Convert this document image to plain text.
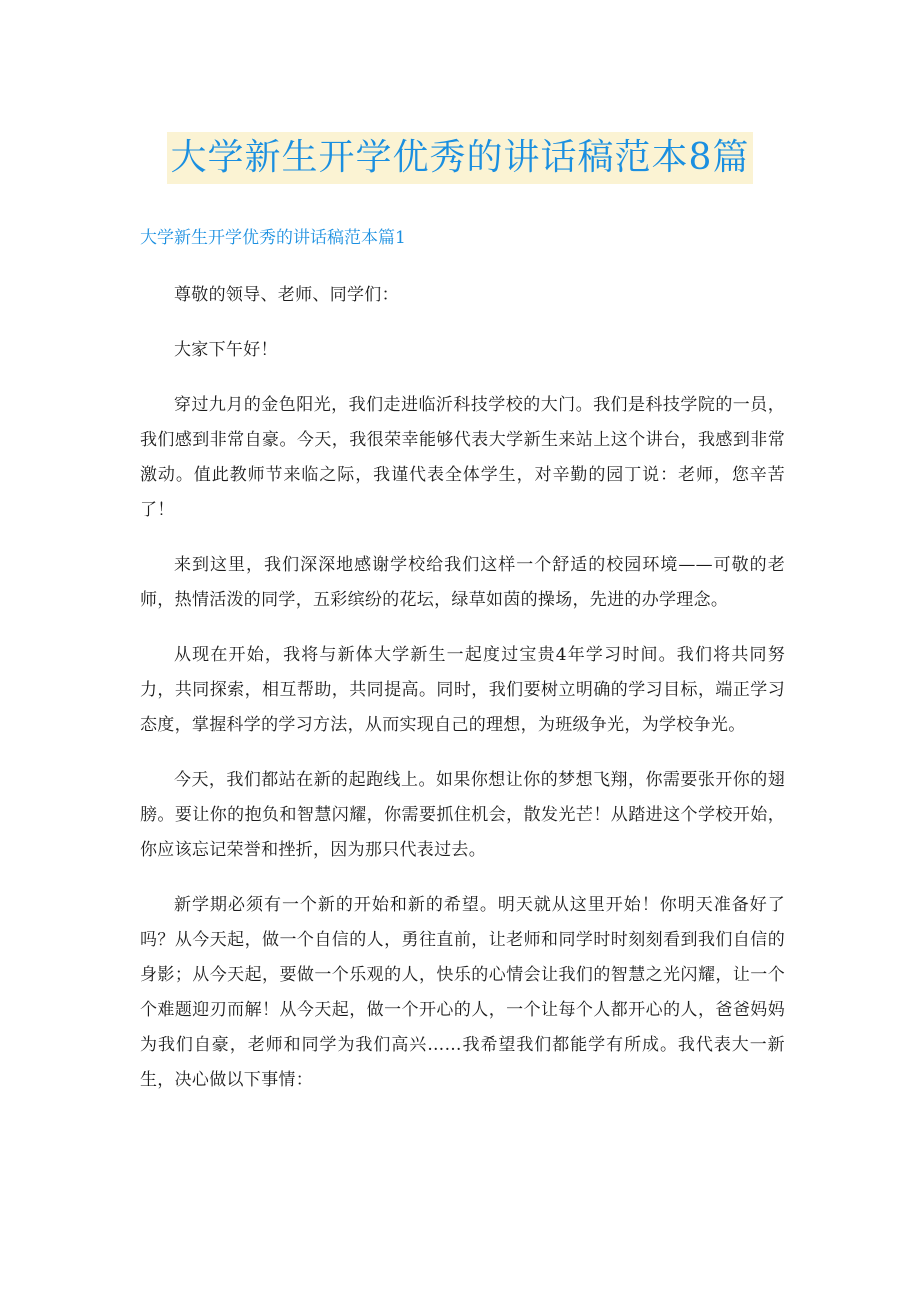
大学新生开学优秀的讲话稿范本8篇
大学新生开学优秀的讲话稿范本篇1

尊敬的领导、老师、同学们：

大家下午好！

穿过九月的金色阳光，我们走进临沂科技学校的大门。我们是科技学院的一员，我们感到非常自豪。今天，我很荣幸能够代表大学新生来站上这个讲台，我感到非常激动。值此教师节来临之际，我谨代表全体学生，对辛勤的园丁说：老师，您辛苦了！

来到这里，我们深深地感谢学校给我们这样一个舒适的校园环境——可敬的老师，热情活泼的同学，五彩缤纷的花坛，绿草如茵的操场，先进的办学理念。

从现在开始，我将与新体大学新生一起度过宝贵4年学习时间。我们将共同努力，共同探索，相互帮助，共同提高。同时，我们要树立明确的学习目标，端正学习态度，掌握科学的学习方法，从而实现自己的理想，为班级争光，为学校争光。

今天，我们都站在新的起跑线上。如果你想让你的梦想飞翔，你需要张开你的翅膀。要让你的抱负和智慧闪耀，你需要抓住机会，散发光芒！从踏进这个学校开始，你应该忘记荣誉和挫折，因为那只代表过去。

新学期必须有一个新的开始和新的希望。明天就从这里开始！你明天准备好了吗？从今天起，做一个自信的人，勇往直前，让老师和同学时时刻刻看到我们自信的身影；从今天起，要做一个乐观的人，快乐的心情会让我们的智慧之光闪耀，让一个个难题迎刃而解！从今天起，做一个开心的人，一个让每个人都开心的人，爸爸妈妈为我们自豪，老师和同学为我们高兴……我希望我们都能学有所成。我代表大一新生，决心做以下事情：
